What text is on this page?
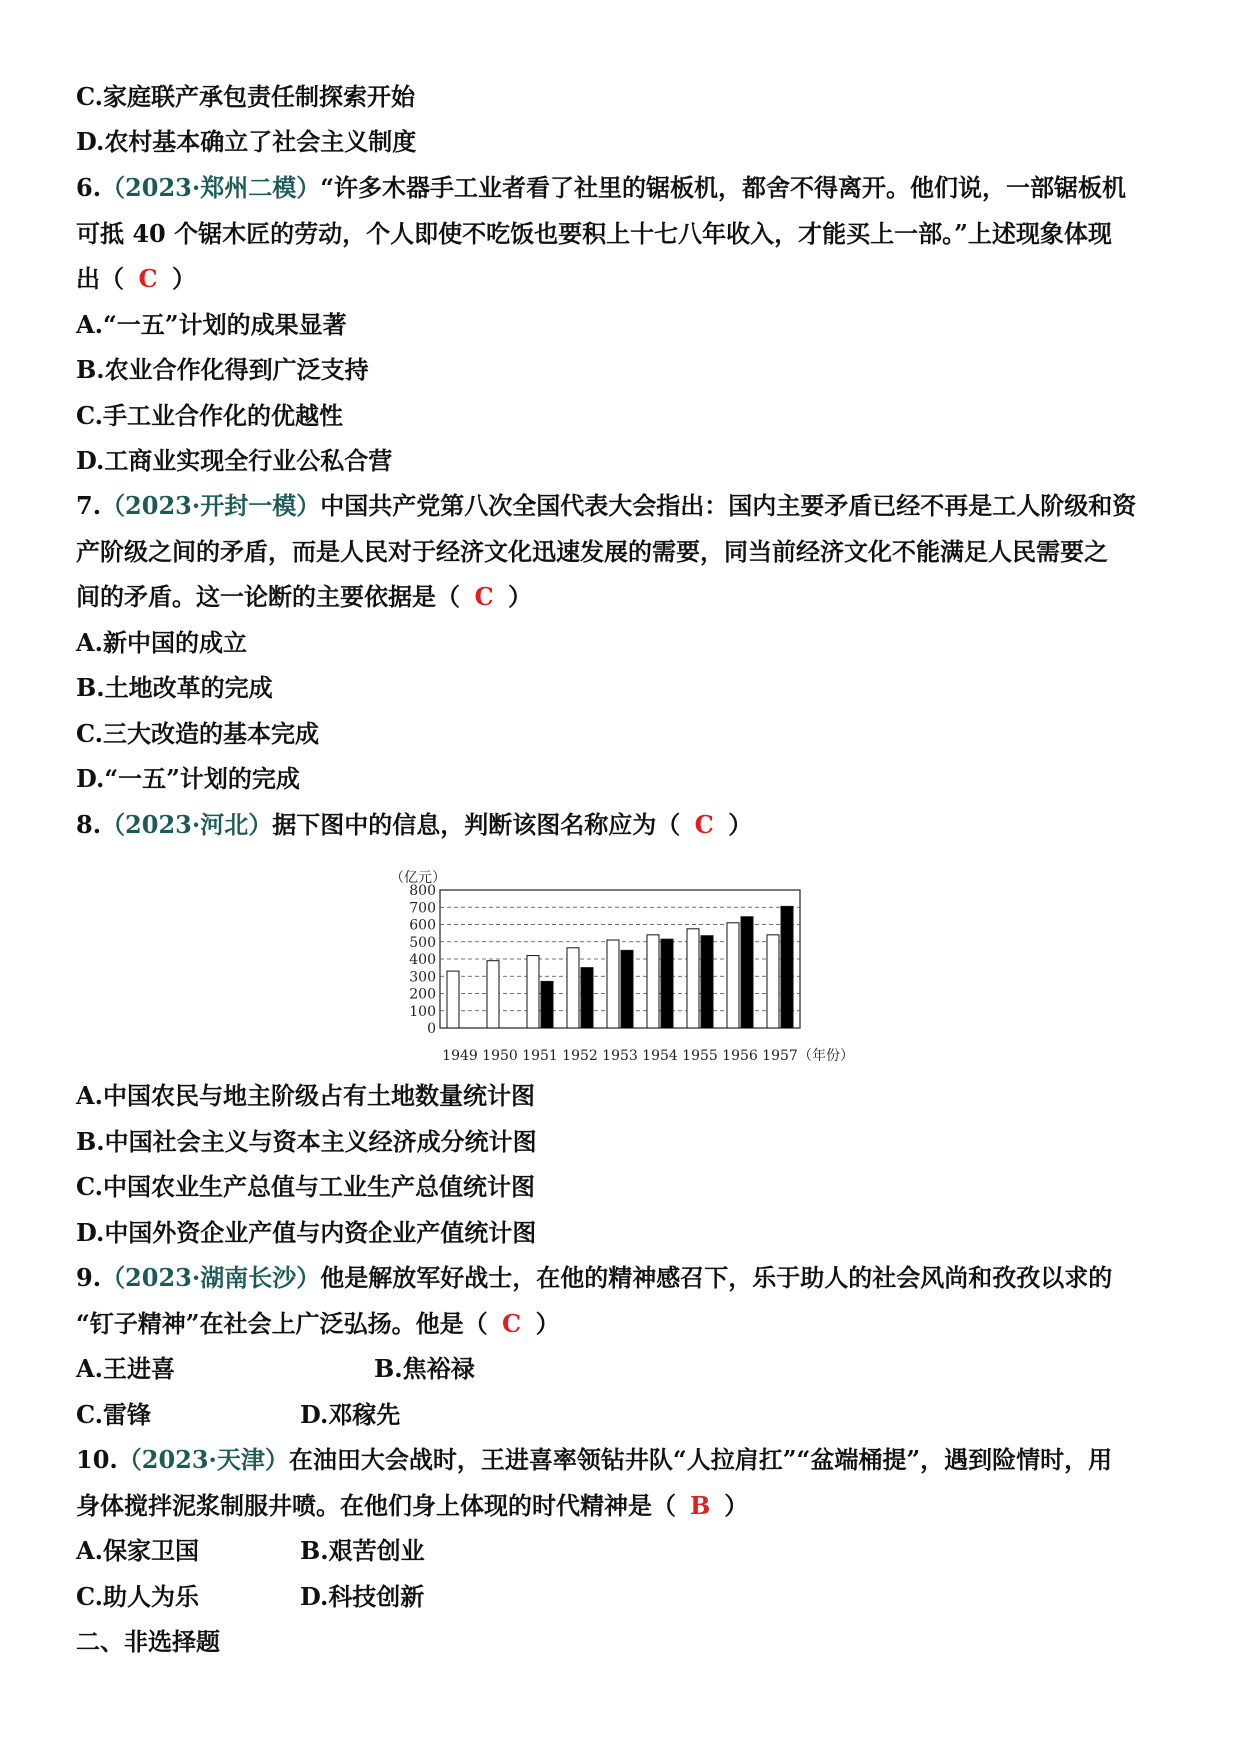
C.家庭联产承包责任制探索开始
D.农村基本确立了社会主义制度
6.（2023·郑州二模）“许多木器手工业者看了社里的锯板机，都舍不得离开。他们说，一部锯板机
可抵 40 个锯木匠的劳动，个人即使不吃饭也要积上十七八年收入，才能买上一部。”上述现象体现
出（ C ）
A.“一五”计划的成果显著
B.农业合作化得到广泛支持
C.手工业合作化的优越性
D.工商业实现全行业公私合营
7.（2023·开封一模）中国共产党第八次全国代表大会指出：国内主要矛盾已经不再是工人阶级和资
产阶级之间的矛盾，而是人民对于经济文化迅速发展的需要，同当前经济文化不能满足人民需要之
间的矛盾。这一论断的主要依据是（ C ）
A.新中国的成立
B.土地改革的完成
C.三大改造的基本完成
D.“一五”计划的完成
8.（2023·河北）据下图中的信息，判断该图名称应为（ C ）
（亿元）
0
100
200
300
400
500
600
700
800
1949 1950 1951 1952 1953 1954 1955 1956 1957 （年份）
A.中国农民与地主阶级占有土地数量统计图
B.中国社会主义与资本主义经济成分统计图
C.中国农业生产总值与工业生产总值统计图
D.中国外资企业产值与内资企业产值统计图
9.（2023·湖南长沙）他是解放军好战士，在他的精神感召下，乐于助人的社会风尚和孜孜以求的
“钉子精神”在社会上广泛弘扬。他是（ C ）
A.王进喜	B.焦裕禄
C.雷锋	D.邓稼先
10.（2023·天津）在油田大会战时，王进喜率领钻井队“人拉肩扛”“盆端桶提”，遇到险情时，用
身体搅拌泥浆制服井喷。在他们身上体现的时代精神是（ B ）
A.保家卫国	B.艰苦创业
C.助人为乐	D.科技创新
二、非选择题
